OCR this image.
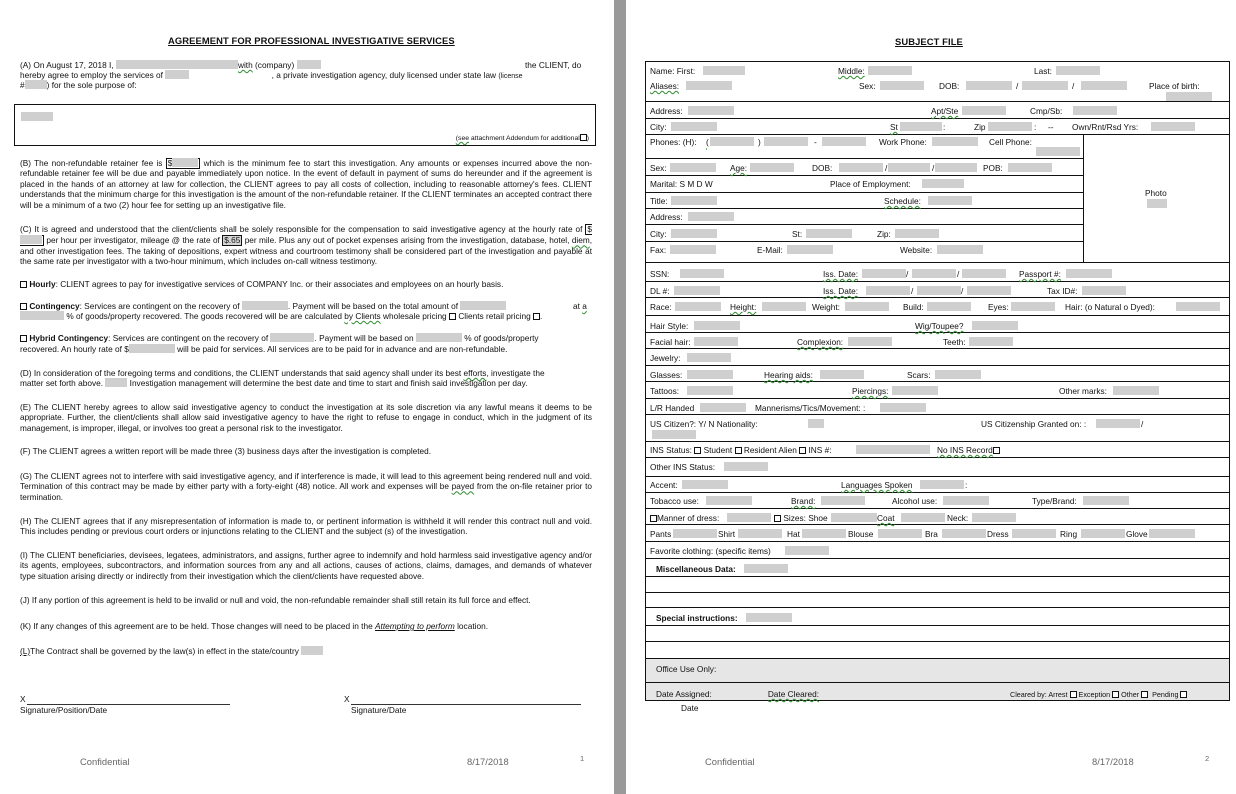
AGREEMENT FOR PROFESSIONAL INVESTIGATIVE SERVICES
(A) On August 17, 2018 I,	with (company)	the CLIENT, do
hereby agree to employ the services of	, a private investigation agency, duly licensed under state law (license
#	) for the sole purpose of:
(see attachment Addendum for additional )
(B) The non-refundable retainer fee is $	which is the minimum fee to start this investigation. Any amounts or expenses incurred above the non-refundable retainer fee will be due and payable immediately upon notice. In the event of default in payment of sums do hereunder and if the agreement is placed in the hands of an attorney at law for collection, the CLIENT agrees to pay all costs of collection, including to reasonable attorney's fees. CLIENT understands that the minimum charge for this investigation is the amount of the non-refundable retainer. If the CLIENT terminates an accepted contract there will be a minimum of a two (2) hour fee for setting up an investigative file.
(C) It is agreed and understood that the client/clients shall be solely responsible for the compensation to said investigative agency at the hourly rate of $ per hour per investigator, mileage @ the rate of $.65 per mile. Plus any out of pocket expenses arising from the investigation, database, hotel, diem, and other investigation fees. The taking of depositions, expert witness and courtroom testimony shall be considered part of the investigation and payable at the same rate per investigator with a two-hour minimum, which includes on-call witness testimony.
Hourly: CLIENT agrees to pay for investigative services of COMPANY Inc. or their associates and employees on an hourly basis.
Contingency: Services are contingent on the recovery of	. Payment will be based on the total amount of	at a
% of goods/property recovered. The goods recovered will be are calculated by Clients wholesale pricing Clients retail pricing .
Hybrid Contingency: Services are contingent on the recovery of	. Payment will be based on	% of goods/property
recovered. An hourly rate of $	will be paid for services. All services are to be paid for in advance and are non-refundable.
(D) In consideration of the foregoing terms and conditions, the CLIENT understands that said agency shall under its best efforts, investigate the
matter set forth above.	Investigation management will determine the best date and time to start and finish said investigation per day.
(E) The CLIENT hereby agrees to allow said investigative agency to conduct the investigation at its sole discretion via any lawful means it deems to be appropriate. Further, the client/clients shall allow said investigative agency to have the right to refuse to engage in conduct, which in the judgment of its management, is improper, illegal, or involves too great a personal risk to the investigator.
(F) The CLIENT agrees a written report will be made three (3) business days after the investigation is completed.
(G) The CLIENT agrees not to interfere with said investigative agency, and if interference is made, it will lead to this agreement being rendered null and void. Termination of this contract may be made by either party with a forty-eight (48) notice. All work and expenses will be payed from the on-file retainer prior to termination.
(H) The CLIENT agrees that if any misrepresentation of information is made to, or pertinent information is withheld it will render this contract null and void. This includes pending or previous court orders or injunctions relating to the CLIENT and the subject (s) of the investigation.
(I) The CLIENT beneficiaries, devisees, legatees, administrators, and assigns, further agree to indemnify and hold harmless said investigative agency and/or its agents, employees, subcontractors, and information sources from any and all actions, causes of actions, claims, damages, and demands of whatever type situation arising directly or indirectly from their investigation which the client/clients have requested above.
(J) If any portion of this agreement is held to be invalid or null and void, the non-refundable remainder shall still retain its full force and effect.
(K) If any changes of this agreement are to be held. Those changes will need to be placed in the Attempting to perform location.
(L)The Contract shall be governed by the law(s) in effect in the state/country
X
Signature/Position/Date
X
Signature/Date
Confidential	8/17/2018	1
SUBJECT FILE
Name: First:	Middle:	Last:
Aliases:	Sex:	DOB:	/	/	Place of birth:
Address:	Apt/Ste	Cmp/Sb:
City:	St	:	Zip	: -- Own/Rnt/Rsd Yrs:
Phones: (H): (	)	-	Work Phone:	Cell Phone:
Sex:	Age:	DOB:	/	/	POB:
Marital: S M D W	Place of Employment:
Photo
Title:	Schedule:
Address:
City:	St:	Zip:
Fax:	E-Mail:	Website:
SSN:	Iss. Date:	/	/	Passport #:
DL #:	Iss. Date:	/	/	Tax ID#:
Race:	Height:	Weight:	Build:	Eyes:	Hair: (o Natural o Dyed):
Hair Style:	Wig/Toupee?
Facial hair:	Complexion:	Teeth:
Jewelry:
Glasses:	Hearing aids:	Scars:
Tattoos:	Piercings:	Other marks:
L/R Handed	Mannerisms/Tics/Movement: :
US Citizen?: Y/ N Nationality:	US Citizenship Granted on: :	/
INS Status: Student Resident Alien INS #:	No INS Record
Other INS Status:
Accent:	Languages Spoken	:
Tobacco use:	Brand:	Alcohol use:	Type/Brand:
Manner of dress:	Sizes: Shoe	Coat	Neck:
Pants	Shirt	Hat	Blouse	Bra	Dress	Ring	Glove
Favorite clothing: (specific items)
Miscellaneous Data:
Special instructions:
Office Use Only:
Date Assigned:	Date Cleared:	Cleared by: Arrest Exception Other Pending
Date
Confidential	8/17/2018	2
